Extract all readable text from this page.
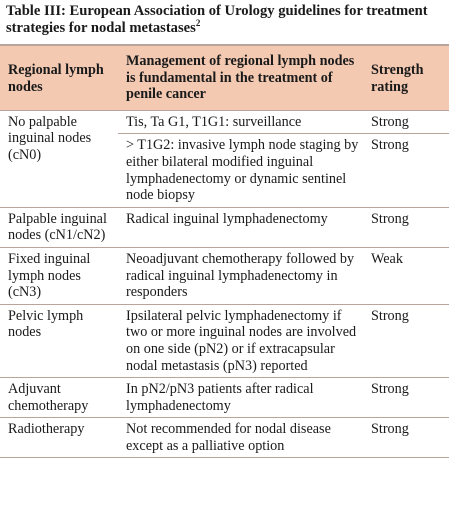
Table III: European Association of Urology guidelines for treatment strategies for nodal metastases$^2$

Regional lymph nodes	Management of regional lymph nodes is fundamental in the treatment of penile cancer	Strength rating
No palpable inguinal nodes (cN0)	Tis, Ta G1, T1G1: surveillance	Strong
	> T1G2: invasive lymph node staging by either bilateral modified inguinal lymphadenectomy or dynamic sentinel node biopsy	Strong
Palpable inguinal nodes (cN1/cN2)	Radical inguinal lymphadenectomy	Strong
Fixed inguinal lymph nodes (cN3)	Neoadjuvant chemotherapy followed by radical inguinal lymphadenectomy in responders	Weak
Pelvic lymph nodes	Ipsilateral pelvic lymphadenectomy if two or more inguinal nodes are involved on one side (pN2) or if extracapsular nodal metastasis (pN3) reported	Strong
Adjuvant chemotherapy	In pN2/pN3 patients after radical lymphadenectomy	Strong
Radiotherapy	Not recommended for nodal disease except as a palliative option	Strong
